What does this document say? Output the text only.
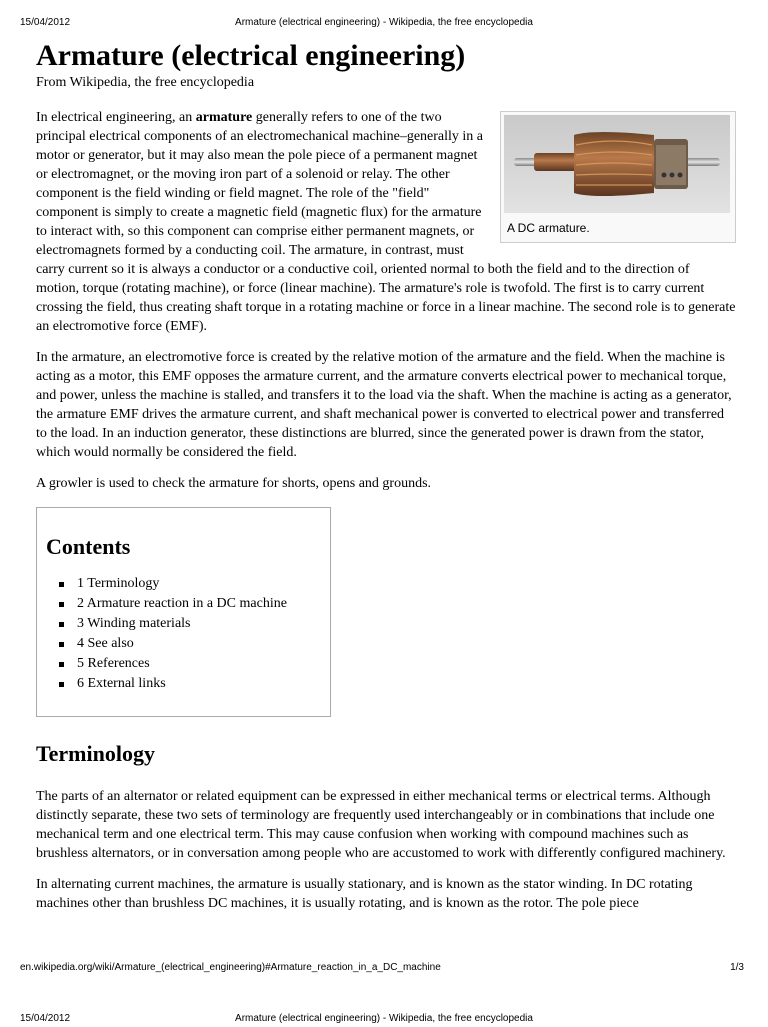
15/04/2012	Armature (electrical engineering) - Wikipedia, the free encyclopedia
Armature (electrical engineering)
From Wikipedia, the free encyclopedia
A DC armature.

In electrical engineering, an armature generally refers to one of the two principal electrical components of an electromechanical machine–generally in a motor or generator, but it may also mean the pole piece of a permanent magnet or electromagnet, or the moving iron part of a solenoid or relay. The other component is the field winding or field magnet. The role of the "field" component is simply to create a magnetic field (magnetic flux) for the armature to interact with, so this component can comprise either permanent magnets, or electromagnets formed by a conducting coil. The armature, in contrast, must carry current so it is always a conductor or a conductive coil, oriented normal to both the field and to the direction of motion, torque (rotating machine), or force (linear machine). The armature's role is twofold. The first is to carry current crossing the field, thus creating shaft torque in a rotating machine or force in a linear machine. The second role is to generate an electromotive force (EMF).

In the armature, an electromotive force is created by the relative motion of the armature and the field. When the machine is acting as a motor, this EMF opposes the armature current, and the armature converts electrical power to mechanical torque, and power, unless the machine is stalled, and transfers it to the load via the shaft. When the machine is acting as a generator, the armature EMF drives the armature current, and shaft mechanical power is converted to electrical power and transferred to the load. In an induction generator, these distinctions are blurred, since the generated power is drawn from the stator, which would normally be considered the field.

A growler is used to check the armature for shorts, opens and grounds.

Contents
1 Terminology
2 Armature reaction in a DC machine
3 Winding materials
4 See also
5 References
6 External links
Terminology

The parts of an alternator or related equipment can be expressed in either mechanical terms or electrical terms. Although distinctly separate, these two sets of terminology are frequently used interchangeably or in combinations that include one mechanical term and one electrical term. This may cause confusion when working with compound machines such as brushless alternators, or in conversation among people who are accustomed to work with differently configured machinery.

In alternating current machines, the armature is usually stationary, and is known as the stator winding. In DC rotating machines other than brushless DC machines, it is usually rotating, and is known as the rotor. The pole piece

en.wikipedia.org/wiki/Armature_(electrical_engineering)#Armature_reaction_in_a_DC_machine	1/3
15/04/2012	Armature (electrical engineering) - Wikipedia, the free encyclopedia
